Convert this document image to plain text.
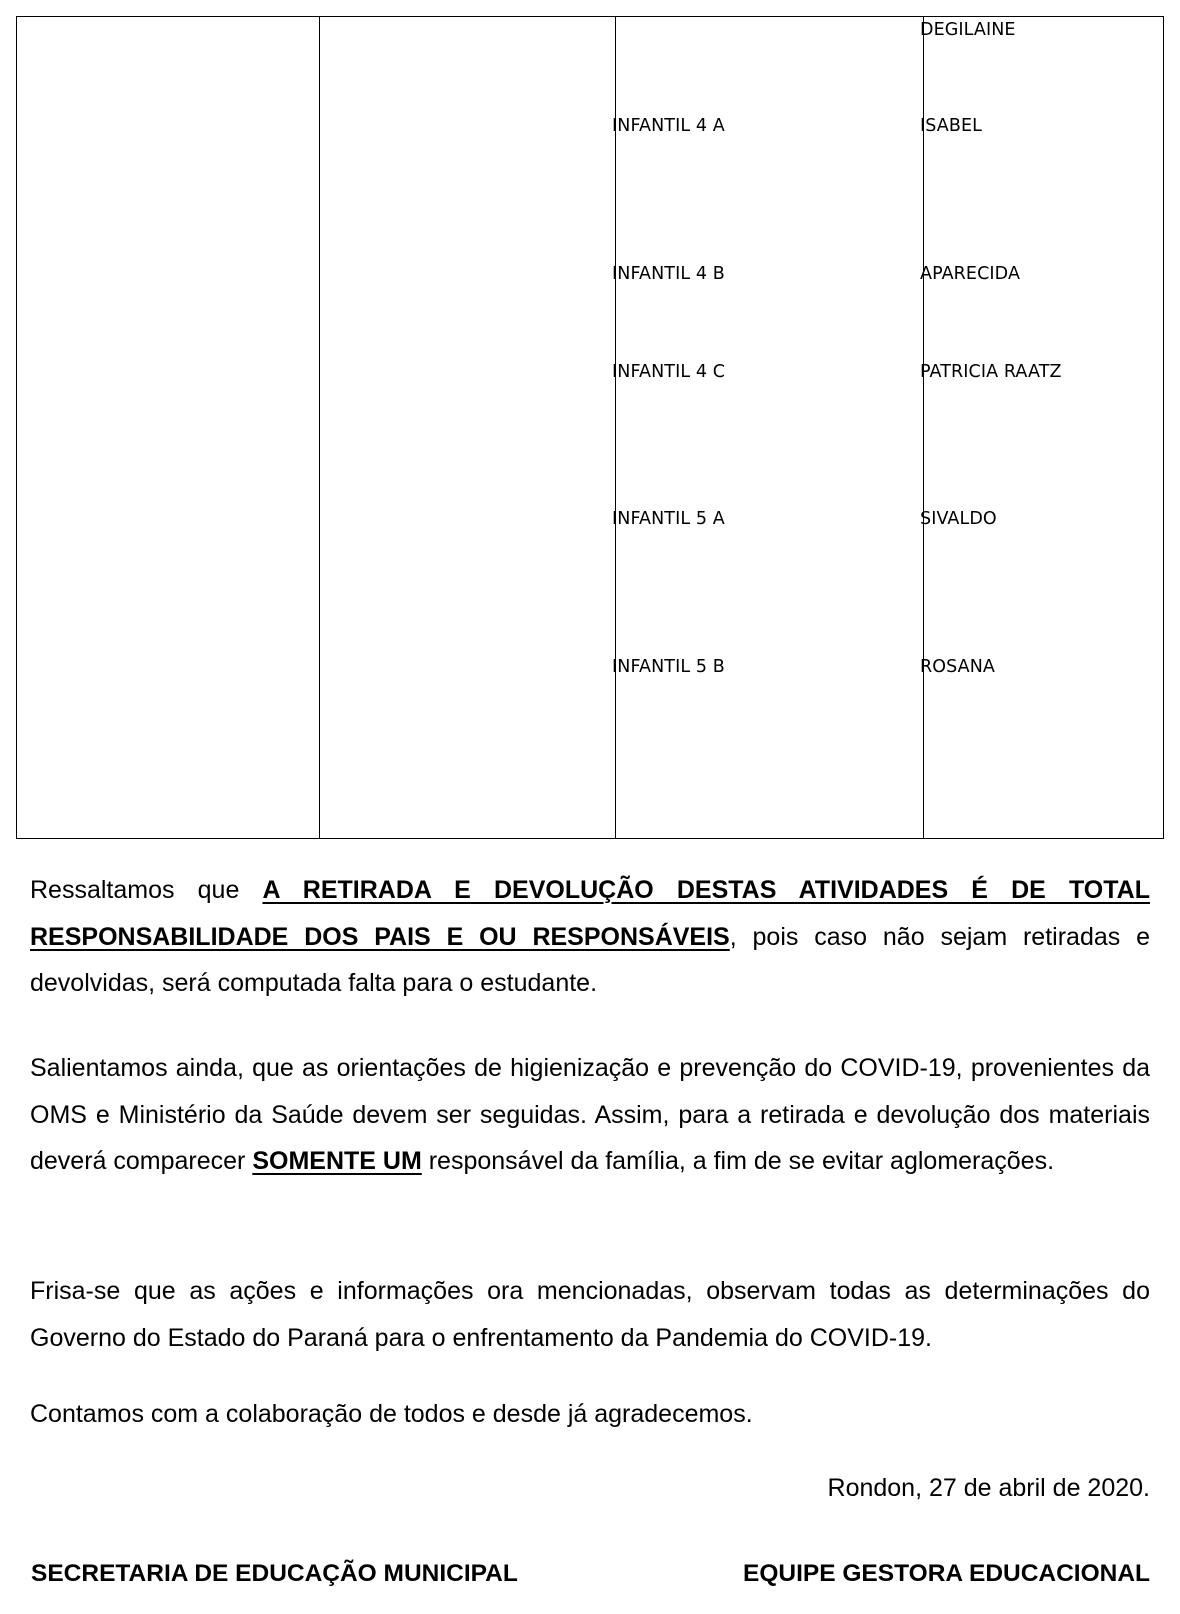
DEGILAINE
INFANTIL 4 A	ISABEL
INFANTIL 4 B	APARECIDA
INFANTIL 4 C	PATRICIA RAATZ
INFANTIL 5 A	SIVALDO
INFANTIL 5 B	ROSANA

Ressaltamos que A RETIRADA E DEVOLUÇÃO DESTAS ATIVIDADES É DE TOTAL RESPONSABILIDADE DOS PAIS E OU RESPONSÁVEIS, pois caso não sejam retiradas e devolvidas, será computada falta para o estudante.

Salientamos ainda, que as orientações de higienização e prevenção do COVID-19, provenientes da OMS e Ministério da Saúde devem ser seguidas. Assim, para a retirada e devolução dos materiais deverá comparecer SOMENTE UM responsável da família, a fim de se evitar aglomerações.

Frisa-se que as ações e informações ora mencionadas, observam todas as determinações do Governo do Estado do Paraná para o enfrentamento da Pandemia do COVID-19.

Contamos com a colaboração de todos e desde já agradecemos.

Rondon, 27 de abril de 2020.
SECRETARIA DE EDUCAÇÃO MUNICIPAL	EQUIPE GESTORA EDUCACIONAL
